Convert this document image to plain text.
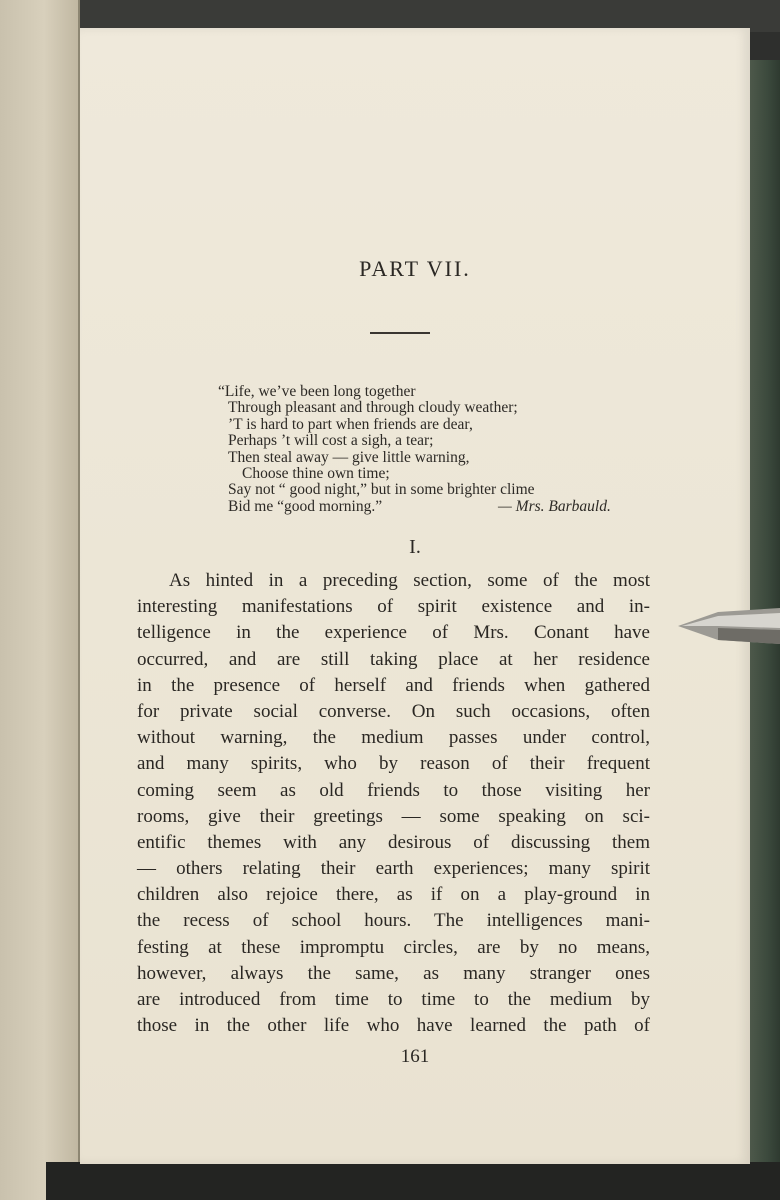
PART VII.
“Life, we’ve been long together
Through pleasant and through cloudy weather;
’T is hard to part when friends are dear,
Perhaps ’t will cost a sigh, a tear;
Then steal away — give little warning,
Choose thine own time;
Say not “ good night,” but in some brighter clime
Bid me “good morning.”	— Mrs. Barbauld.
I.
As hinted in a preceding section, some of the most
interesting manifestations of spirit existence and in-
telligence in the experience of Mrs. Conant have
occurred, and are still taking place at her residence
in the presence of herself and friends when gathered
for private social converse. On such occasions, often
without warning, the medium passes under control,
and many spirits, who by reason of their frequent
coming seem as old friends to those visiting her
rooms, give their greetings — some speaking on sci-
entific themes with any desirous of discussing them
— others relating their earth experiences; many spirit
children also rejoice there, as if on a play-ground in
the recess of school hours. The intelligences mani-
festing at these impromptu circles, are by no means,
however, always the same, as many stranger ones
are introduced from time to time to the medium by
those in the other life who have learned the path of
161
